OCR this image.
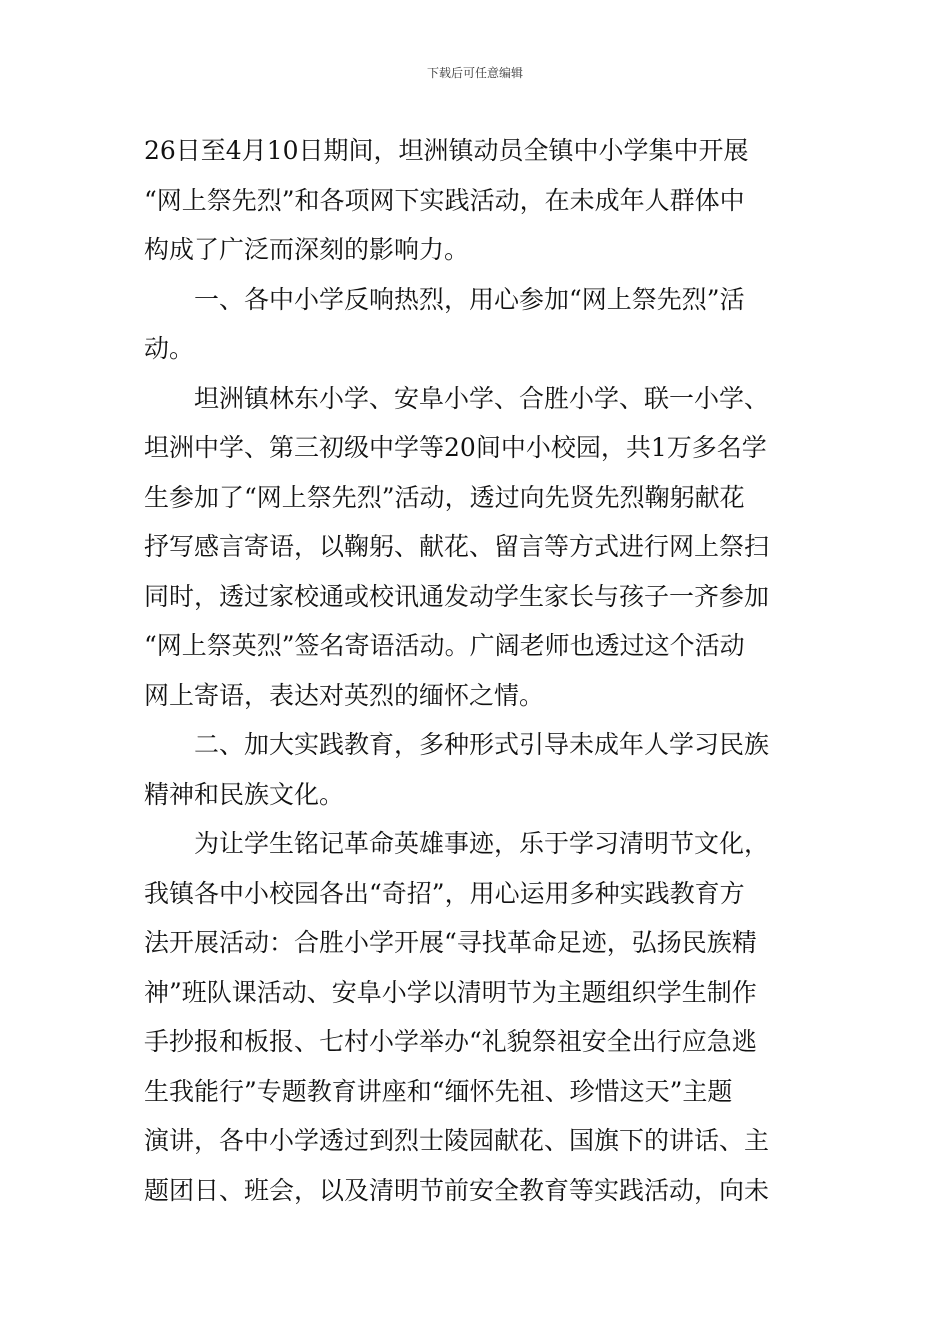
下载后可任意编辑
26日至4月10日期间，坦洲镇动员全镇中小学集中开展
“网上祭先烈”和各项网下实践活动，在未成年人群体中
构成了广泛而深刻的影响力。
一、各中小学反响热烈，用心参加“网上祭先烈”活
动。
坦洲镇林东小学、安阜小学、合胜小学、联一小学、
坦洲中学、第三初级中学等20间中小校园，共1万多名学
生参加了“网上祭先烈”活动，透过向先贤先烈鞠躬献花
抒写感言寄语，以鞠躬、献花、留言等方式进行网上祭扫
同时，透过家校通或校讯通发动学生家长与孩子一齐参加
“网上祭英烈”签名寄语活动。广阔老师也透过这个活动
网上寄语，表达对英烈的缅怀之情。
二、加大实践教育，多种形式引导未成年人学习民族
精神和民族文化。
为让学生铭记革命英雄事迹，乐于学习清明节文化，
我镇各中小校园各出“奇招”，用心运用多种实践教育方
法开展活动：合胜小学开展“寻找革命足迹，弘扬民族精
神”班队课活动、安阜小学以清明节为主题组织学生制作
手抄报和板报、七村小学举办“礼貌祭祖安全出行应急逃
生我能行”专题教育讲座和“缅怀先祖、珍惜这天”主题
演讲，各中小学透过到烈士陵园献花、国旗下的讲话、主
题团日、班会，以及清明节前安全教育等实践活动，向未
